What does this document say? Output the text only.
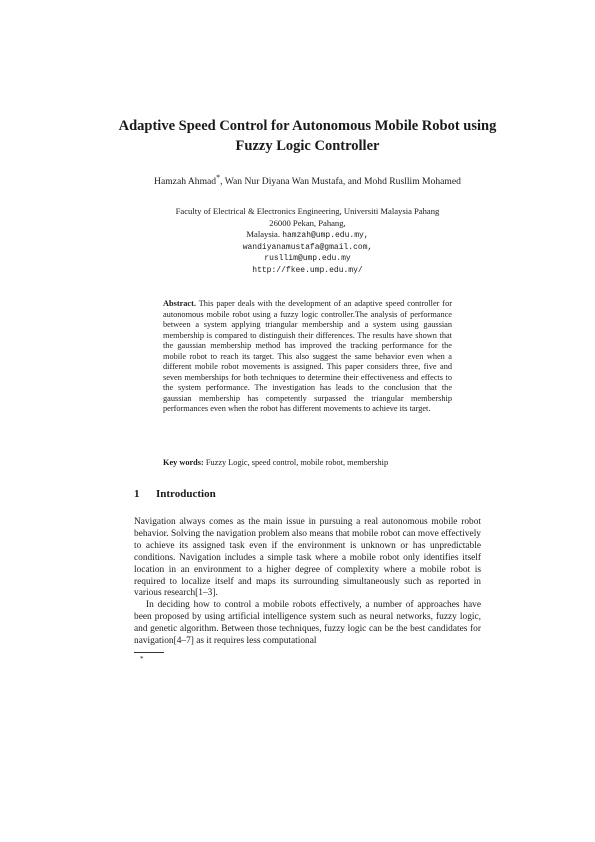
Adaptive Speed Control for Autonomous Mobile Robot using Fuzzy Logic Controller
Hamzah Ahmad*, Wan Nur Diyana Wan Mustafa, and Mohd Rusllim Mohamed
Faculty of Electrical & Electronics Engineering, Universiti Malaysia Pahang
26000 Pekan, Pahang,
Malaysia. hamzah@ump.edu.my,
wandiyanamustafa@gmail.com,
rusllim@ump.edu.my
http://fkee.ump.edu.my/
Abstract. This paper deals with the development of an adaptive speed controller for autonomous mobile robot using a fuzzy logic controller.The analysis of performance between a system applying triangular membership and a system using gaussian membership is compared to distinguish their differences. The results have shown that the gaussian membership method has improved the tracking performance for the mobile robot to reach its target. This also suggest the same behavior even when a different mobile robot movements is assigned. This paper considers three, five and seven memberships for both techniques to determine their effectiveness and effects to the system performance. The investigation has leads to the conclusion that the gaussian membership has competently surpassed the triangular membership performances even when the robot has different movements to achieve its target.
Key words: Fuzzy Logic, speed control, mobile robot, membership
1 Introduction

Navigation always comes as the main issue in pursuing a real autonomous mobile robot behavior. Solving the navigation problem also means that mobile robot can move effectively to achieve its assigned task even if the environment is unknown or has unpredictable conditions. Navigation includes a simple task where a mobile robot only identifies itself location in an environment to a higher degree of complexity where a mobile robot is required to localize itself and maps its surrounding simultaneously such as reported in various research[1–3].

In deciding how to control a mobile robots effectively, a number of approaches have been proposed by using artificial intelligence system such as neural networks, fuzzy logic, and genetic algorithm. Between those techniques, fuzzy logic can be the best candidates for navigation[4–7] as it requires less computational

*
